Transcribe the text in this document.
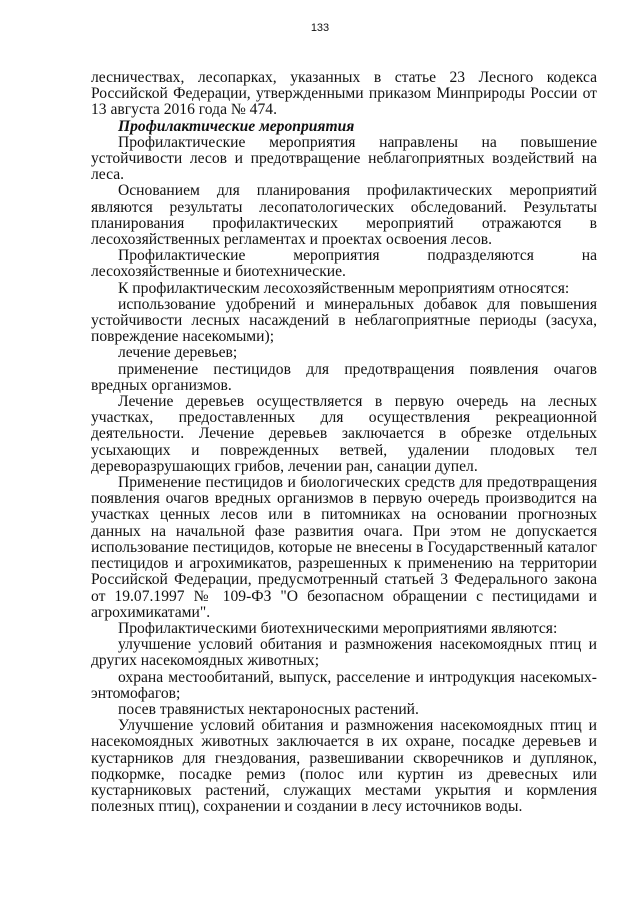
133

лесничествах, лесопарках, указанных в статье 23 Лесного кодекса Российской Федерации, утвержденными приказом Минприроды России от 13 августа 2016 года № 474.

Профилактические мероприятия

Профилактические мероприятия направлены на повышение устойчивости лесов и предотвращение неблагоприятных воздействий на леса.

Основанием для планирования профилактических мероприятий являются результаты лесопатологических обследований. Результаты планирования профилактических мероприятий отражаются в лесохозяйственных регламентах и проектах освоения лесов.

Профилактические мероприятия подразделяются на лесохозяйственные и биотехнические.

К профилактическим лесохозяйственным мероприятиям относятся:

использование удобрений и минеральных добавок для повышения устойчивости лесных насаждений в неблагоприятные периоды (засуха, повреждение насекомыми);

лечение деревьев;

применение пестицидов для предотвращения появления очагов вредных организмов.

Лечение деревьев осуществляется в первую очередь на лесных участках, предоставленных для осуществления рекреационной деятельности. Лечение деревьев заключается в обрезке отдельных усыхающих и поврежденных ветвей, удалении плодовых тел дереворазрушающих грибов, лечении ран, санации дупел.

Применение пестицидов и биологических средств для предотвращения появления очагов вредных организмов в первую очередь производится на участках ценных лесов или в питомниках на основании прогнозных данных на начальной фазе развития очага. При этом не допускается использование пестицидов, которые не внесены в Государственный каталог пестицидов и агрохимикатов, разрешенных к применению на территории Российской Федерации, предусмотренный статьей 3 Федерального закона от 19.07.1997 № 109-ФЗ "О безопасном обращении с пестицидами и агрохимикатами".

Профилактическими биотехническими мероприятиями являются:

улучшение условий обитания и размножения насекомоядных птиц и других насекомоядных животных;

охрана местообитаний, выпуск, расселение и интродукция насекомых-энтомофагов;

посев травянистых нектароносных растений.

Улучшение условий обитания и размножения насекомоядных птиц и насекомоядных животных заключается в их охране, посадке деревьев и кустарников для гнездования, развешивании скворечников и дуплянок, подкормке, посадке ремиз (полос или куртин из древесных или кустарниковых растений, служащих местами укрытия и кормления полезных птиц), сохранении и создании в лесу источников воды.
